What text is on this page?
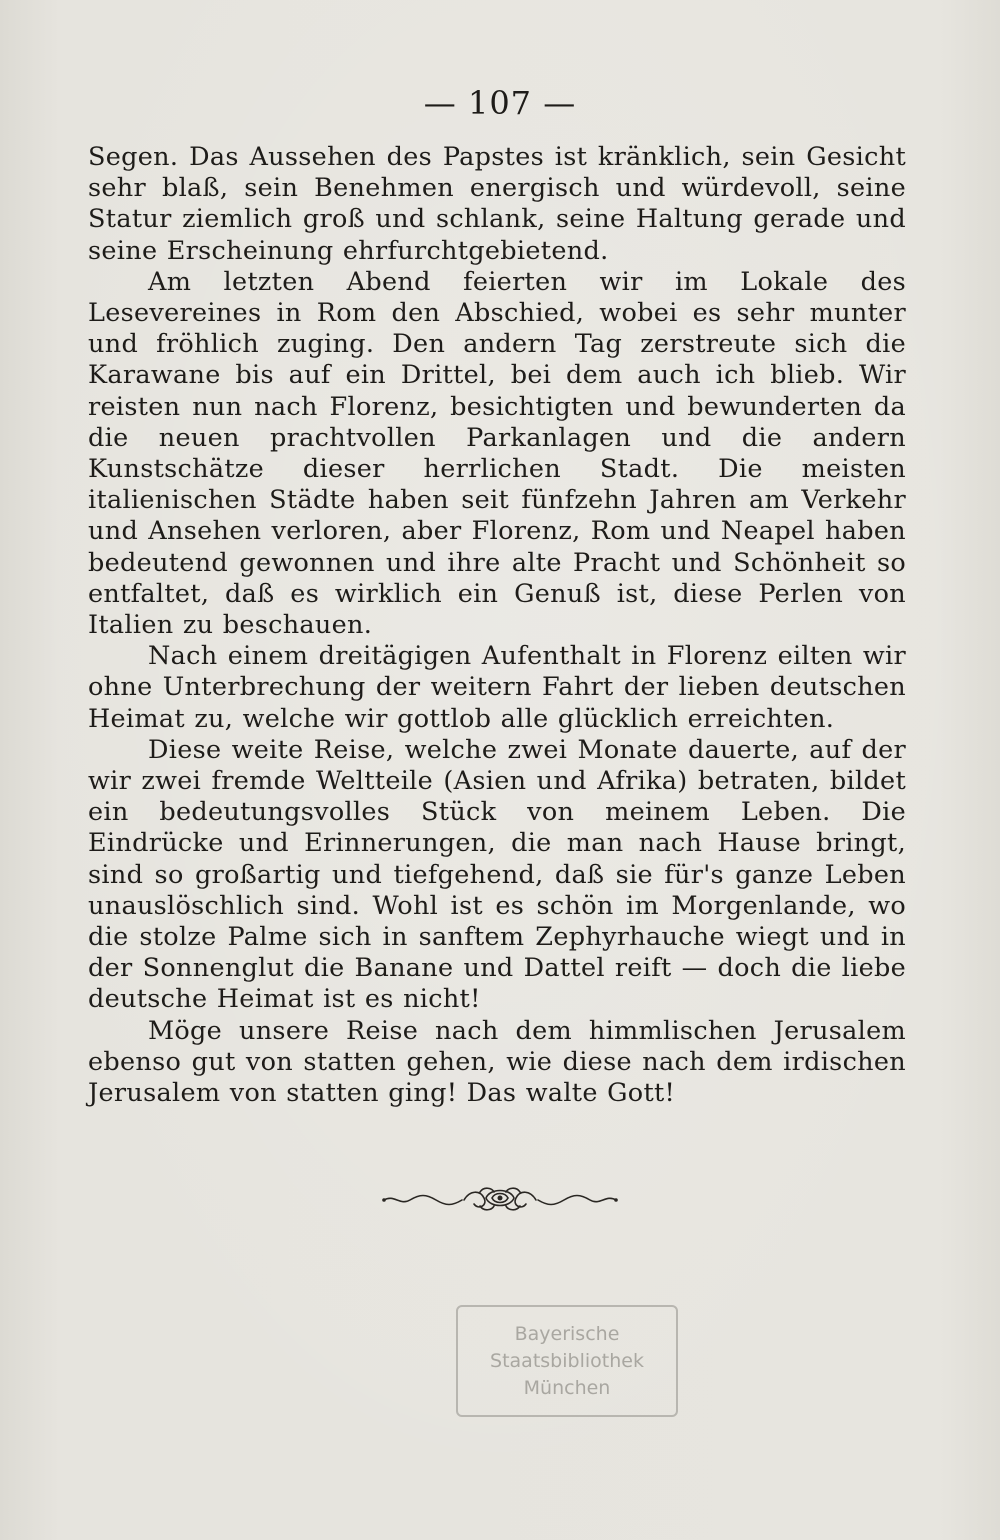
— 107 —

Segen. Das Aussehen des Papstes ist kränklich, sein Gesicht sehr blaß, sein Benehmen energisch und würdevoll, seine Statur ziemlich groß und schlank, seine Haltung gerade und seine Erscheinung ehrfurchtgebietend.

Am letzten Abend feierten wir im Lokale des Lesevereines in Rom den Abschied, wobei es sehr munter und fröhlich zuging. Den andern Tag zerstreute sich die Karawane bis auf ein Drittel, bei dem auch ich blieb. Wir reisten nun nach Florenz, besichtigten und bewunderten da die neuen prachtvollen Parkanlagen und die andern Kunstschätze dieser herrlichen Stadt. Die meisten italienischen Städte haben seit fünfzehn Jahren am Verkehr und Ansehen verloren, aber Florenz, Rom und Neapel haben bedeutend gewonnen und ihre alte Pracht und Schönheit so entfaltet, daß es wirklich ein Genuß ist, diese Perlen von Italien zu beschauen.

Nach einem dreitägigen Aufenthalt in Florenz eilten wir ohne Unterbrechung der weitern Fahrt der lieben deutschen Heimat zu, welche wir gottlob alle glücklich erreichten.

Diese weite Reise, welche zwei Monate dauerte, auf der wir zwei fremde Weltteile (Asien und Afrika) betraten, bildet ein bedeutungsvolles Stück von meinem Leben. Die Eindrücke und Erinnerungen, die man nach Hause bringt, sind so großartig und tiefgehend, daß sie für's ganze Leben unauslöschlich sind. Wohl ist es schön im Morgenlande, wo die stolze Palme sich in sanftem Zephyrhauche wiegt und in der Sonnenglut die Banane und Dattel reift — doch die liebe deutsche Heimat ist es nicht!

Möge unsere Reise nach dem himmlischen Jerusalem ebenso gut von statten gehen, wie diese nach dem irdischen Jerusalem von statten ging! Das walte Gott!

Bayerische
Staatsbibliothek
München
